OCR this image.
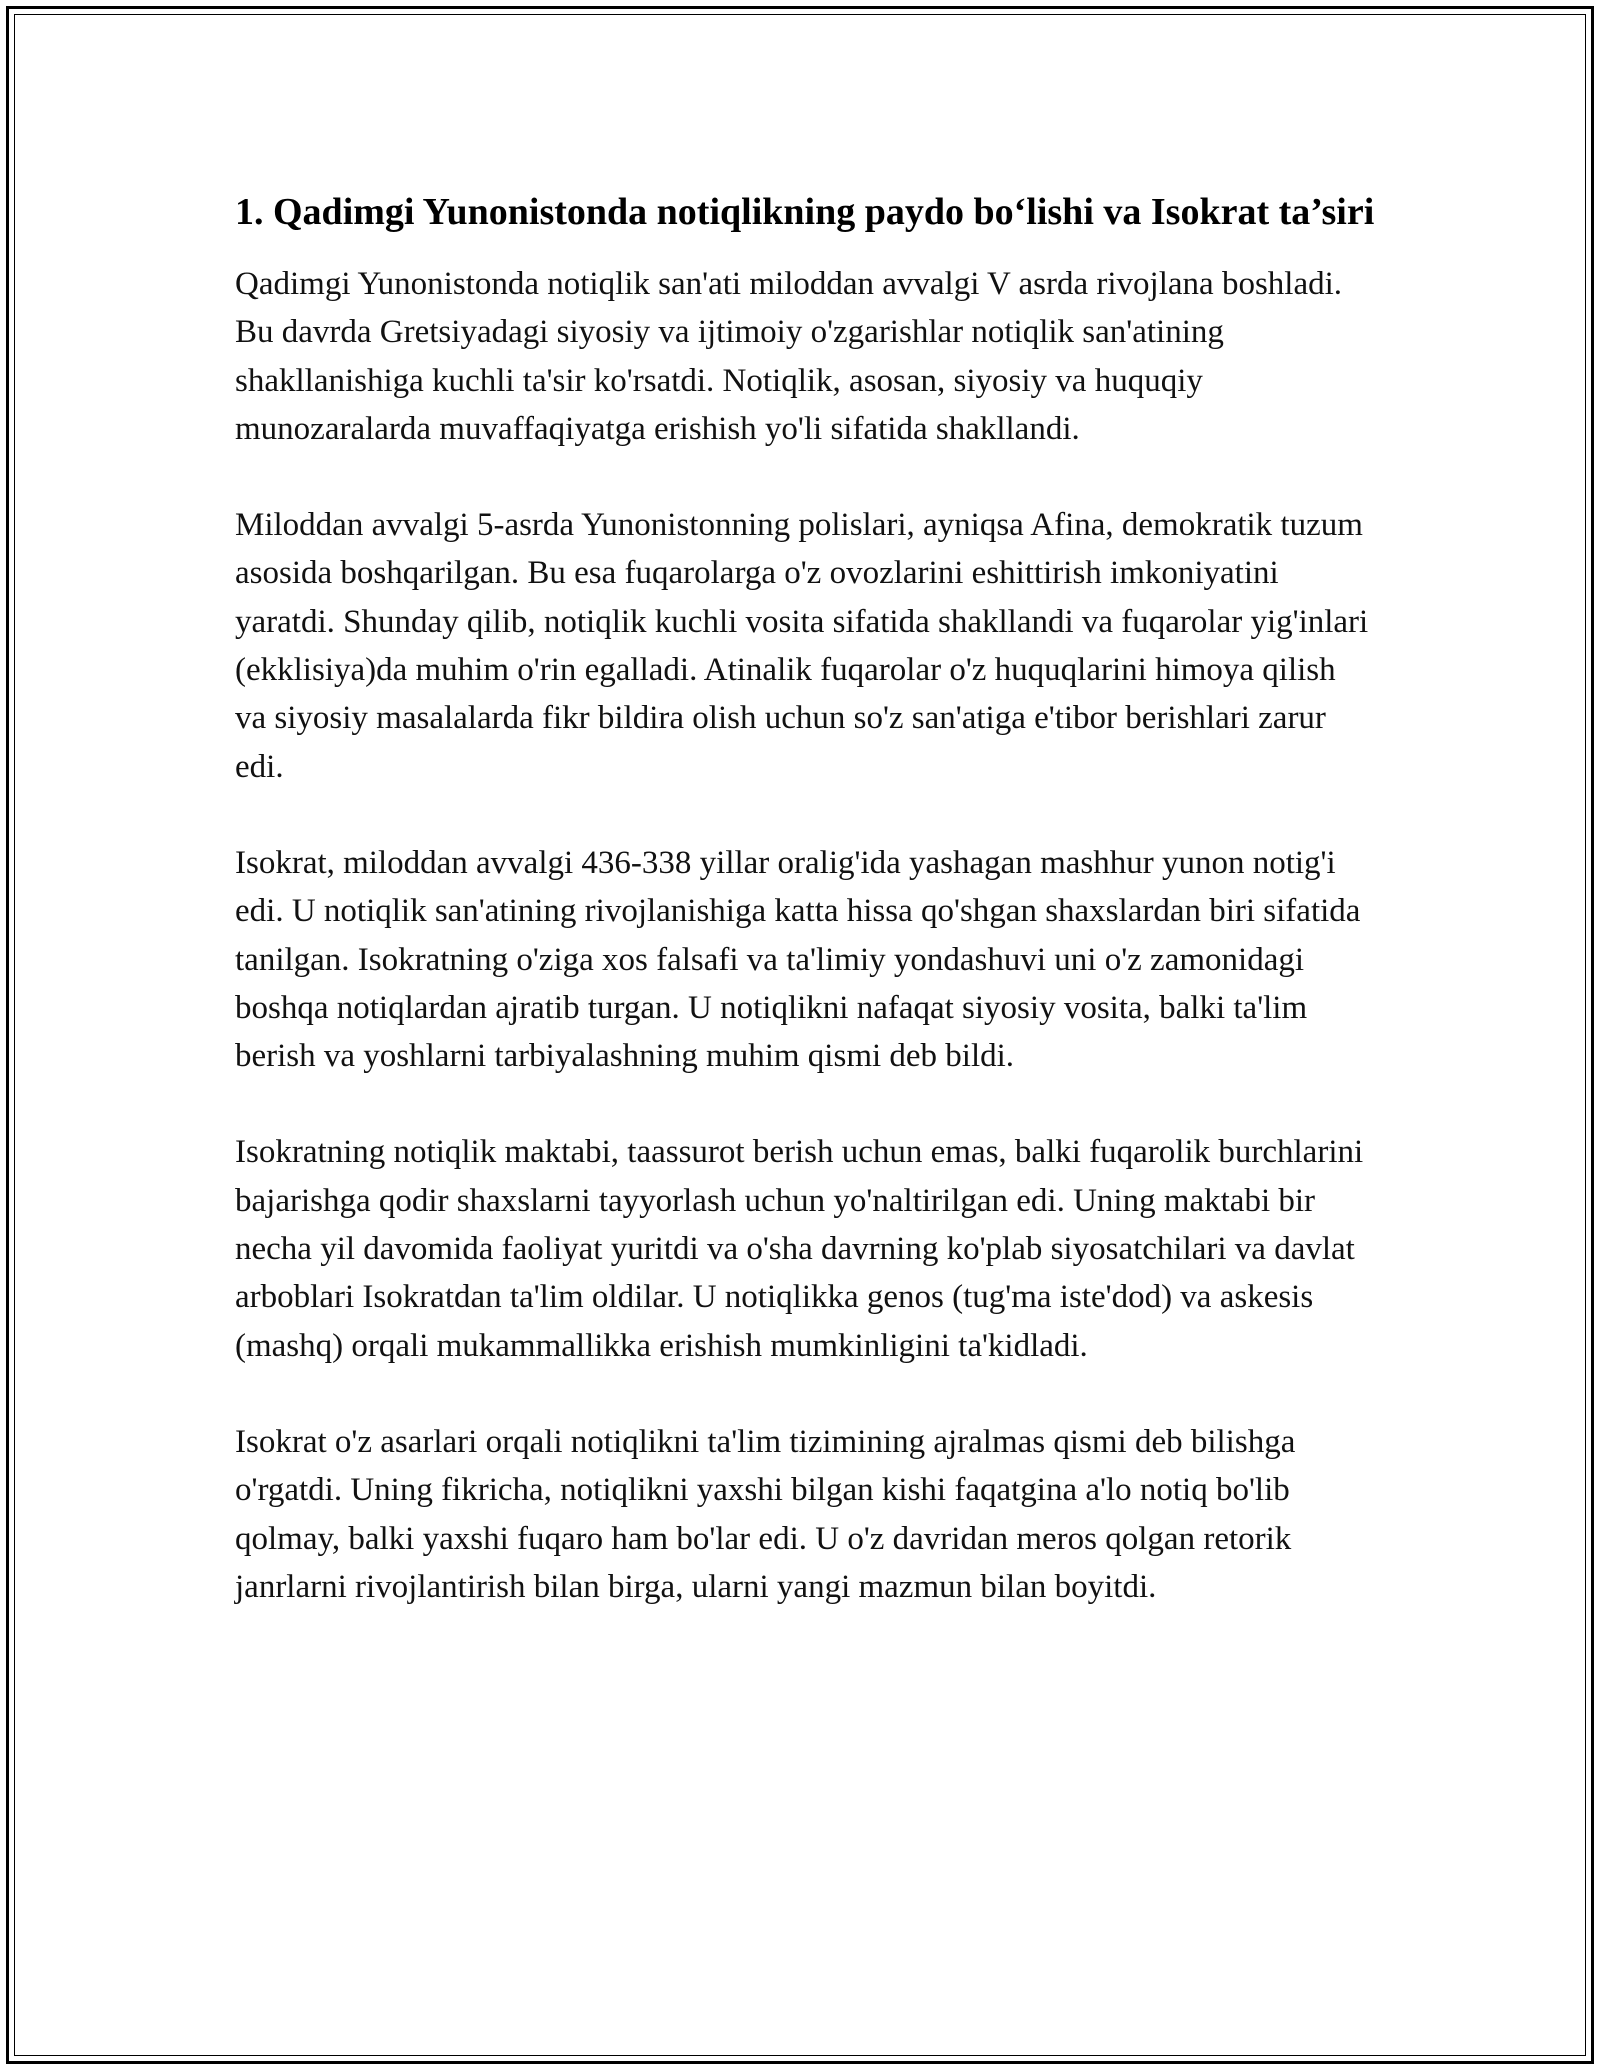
1. Qadimgi Yunonistonda notiqlikning paydo bo‘lishi va Isokrat ta’siri

Qadimgi Yunonistonda notiqlik san'ati miloddan avvalgi V asrda rivojlana boshladi. Bu davrda Gretsiyadagi siyosiy va ijtimoiy o'zgarishlar notiqlik san'atining shakllanishiga kuchli ta'sir ko'rsatdi. Notiqlik, asosan, siyosiy va huquqiy munozaralarda muvaffaqiyatga erishish yo'li sifatida shakllandi.

Miloddan avvalgi 5-asrda Yunonistonning polislari, ayniqsa Afina, demokratik tuzum asosida boshqarilgan. Bu esa fuqarolarga o'z ovozlarini eshittirish imkoniyatini yaratdi. Shunday qilib, notiqlik kuchli vosita sifatida shakllandi va fuqarolar yig'inlari (ekklisiya)da muhim o'rin egalladi. Atinalik fuqarolar o'z huquqlarini himoya qilish va siyosiy masalalarda fikr bildira olish uchun so'z san'atiga e'tibor berishlari zarur edi.

Isokrat, miloddan avvalgi 436-338 yillar oralig'ida yashagan mashhur yunon notig'i edi. U notiqlik san'atining rivojlanishiga katta hissa qo'shgan shaxslardan biri sifatida tanilgan. Isokratning o'ziga xos falsafi va ta'limiy yondashuvi uni o'z zamonidagi boshqa notiqlardan ajratib turgan. U notiqlikni nafaqat siyosiy vosita, balki ta'lim berish va yoshlarni tarbiyalashning muhim qismi deb bildi.

Isokratning notiqlik maktabi, taassurot berish uchun emas, balki fuqarolik burchlarini bajarishga qodir shaxslarni tayyorlash uchun yo'naltirilgan edi. Uning maktabi bir necha yil davomida faoliyat yuritdi va o'sha davrning ko'plab siyosatchilari va davlat arboblari Isokratdan ta'lim oldilar. U notiqlikka genos (tug'ma iste'dod) va askesis (mashq) orqali mukammallikka erishish mumkinligini ta'kidladi.

Isokrat o'z asarlari orqali notiqlikni ta'lim tizimining ajralmas qismi deb bilishga o'rgatdi. Uning fikricha, notiqlikni yaxshi bilgan kishi faqatgina a'lo notiq bo'lib qolmay, balki yaxshi fuqaro ham bo'lar edi. U o'z davridan meros qolgan retorik janrlarni rivojlantirish bilan birga, ularni yangi mazmun bilan boyitdi.
